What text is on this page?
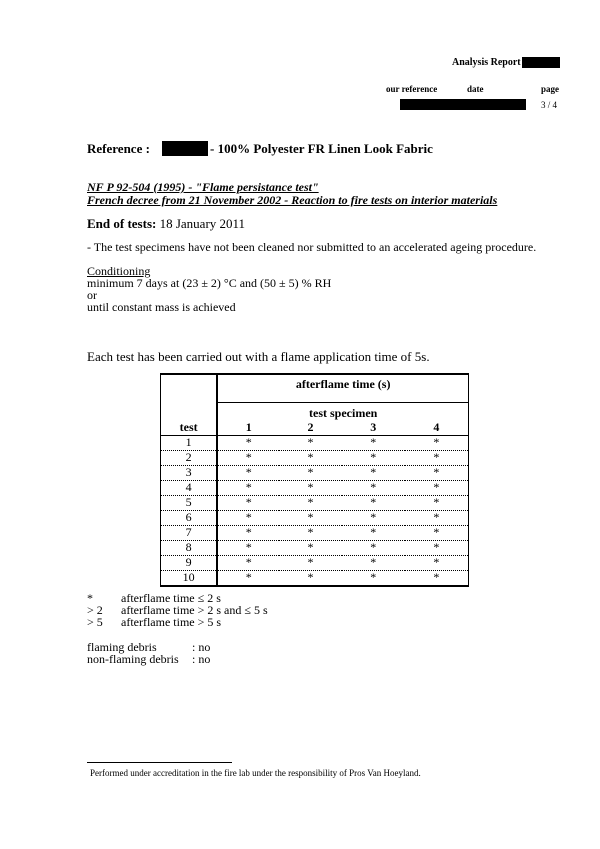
Analysis Report
our reference	date	page
3 / 4
Reference :	- 100% Polyester FR Linen Look Fabric
NF P 92-504 (1995) - "Flame persistance test"
French decree from 21 November 2002 - Reaction to fire tests on interior materials
End of tests: 18 January 2011
- The test specimens have not been cleaned nor submitted to an accelerated ageing procedure.
Conditioning
minimum 7 days at (23 ± 2) °C and (50 ± 5) % RH
or
until constant mass is achieved
Each test has been carried out with a flame application time of 5s.
	afterflame time (s)			
	test specimen			
test	1	2	3	4
1	*	*	*	*
2	*	*	*	*
3	*	*	*	*
4	*	*	*	*
5	*	*	*	*
6	*	*	*	*
7	*	*	*	*
8	*	*	*	*
9	*	*	*	*
10	*	*	*	*
* afterflame time ≤ 2 s
> 2 afterflame time > 2 s and ≤ 5 s
> 5 afterflame time > 5 s
flaming debris	: no
non-flaming debris : no
Performed under accreditation in the fire lab under the responsibility of Pros Van Hoeyland.
